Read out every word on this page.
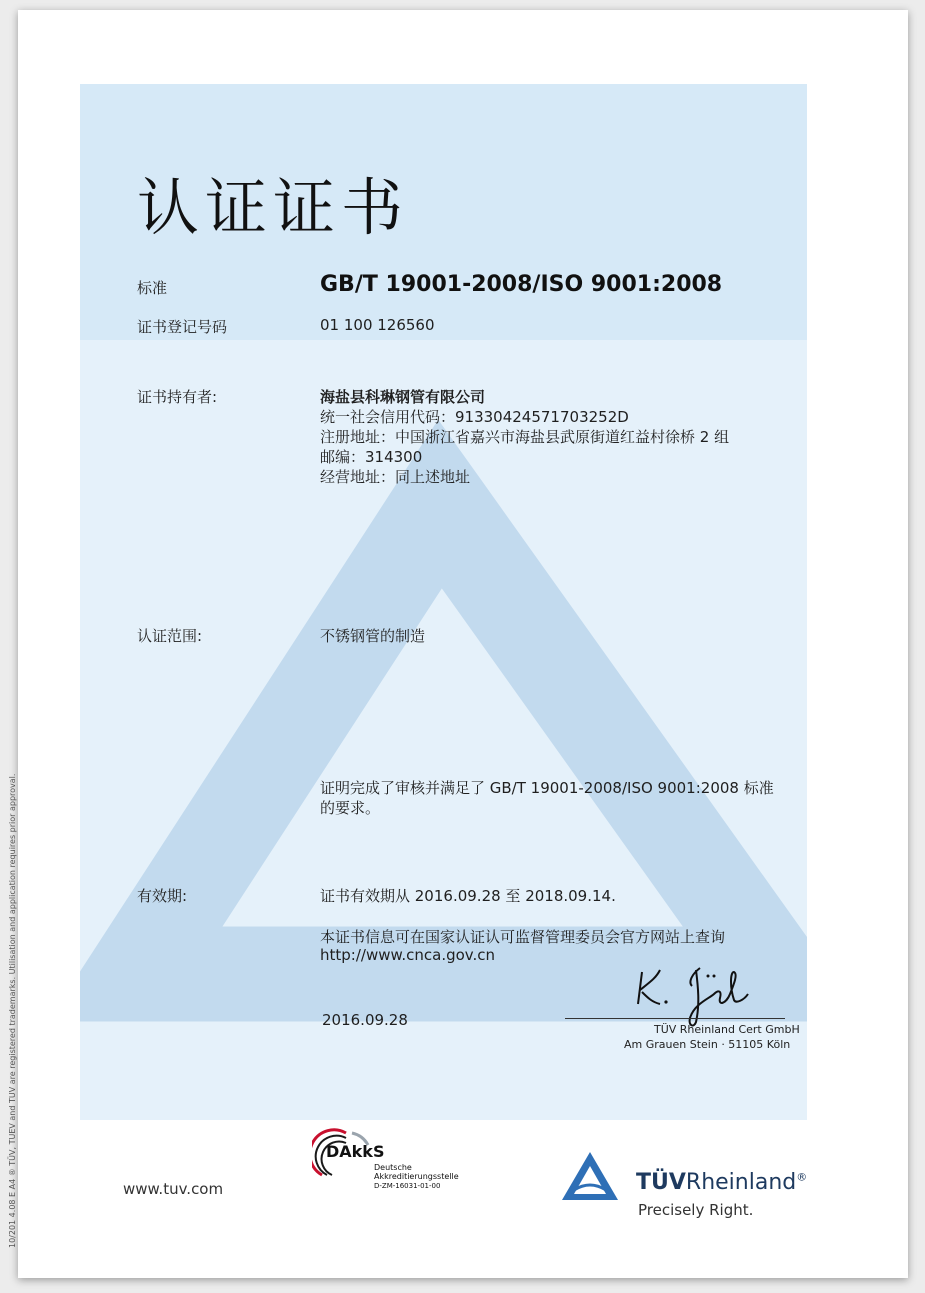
认证证书
标准	GB/T 19001-2008/ISO 9001:2008
证书登记号码	01 100 126560
证书持有者:	海盐县科琳钢管有限公司
统一社会信用代码：91330424571703252D
注册地址：中国浙江省嘉兴市海盐县武原街道红益村徐桥 2 组
邮编：314300
经营地址：同上述地址
认证范围:	不锈钢管的制造
证明完成了审核并满足了 GB/T 19001-2008/ISO 9001:2008 标准
的要求。
有效期:	证书有效期从 2016.09.28 至 2018.09.14.
本证书信息可在国家认证认可监督管理委员会官方网站上查询
http://www.cnca.gov.cn
2016.09.28
TÜV Rheinland Cert GmbH
Am Grauen Stein · 51105 Köln
10/201 4.08 E A4 ® TÜV, TUEV and TUV are registered trademarks. Utilisation and application requires prior approval.	www.tuv.com
DAkkS
Deutsche
Akkreditierungsstelle
D-ZM-16031-01-00	TÜVRheinland®
Precisely Right.
